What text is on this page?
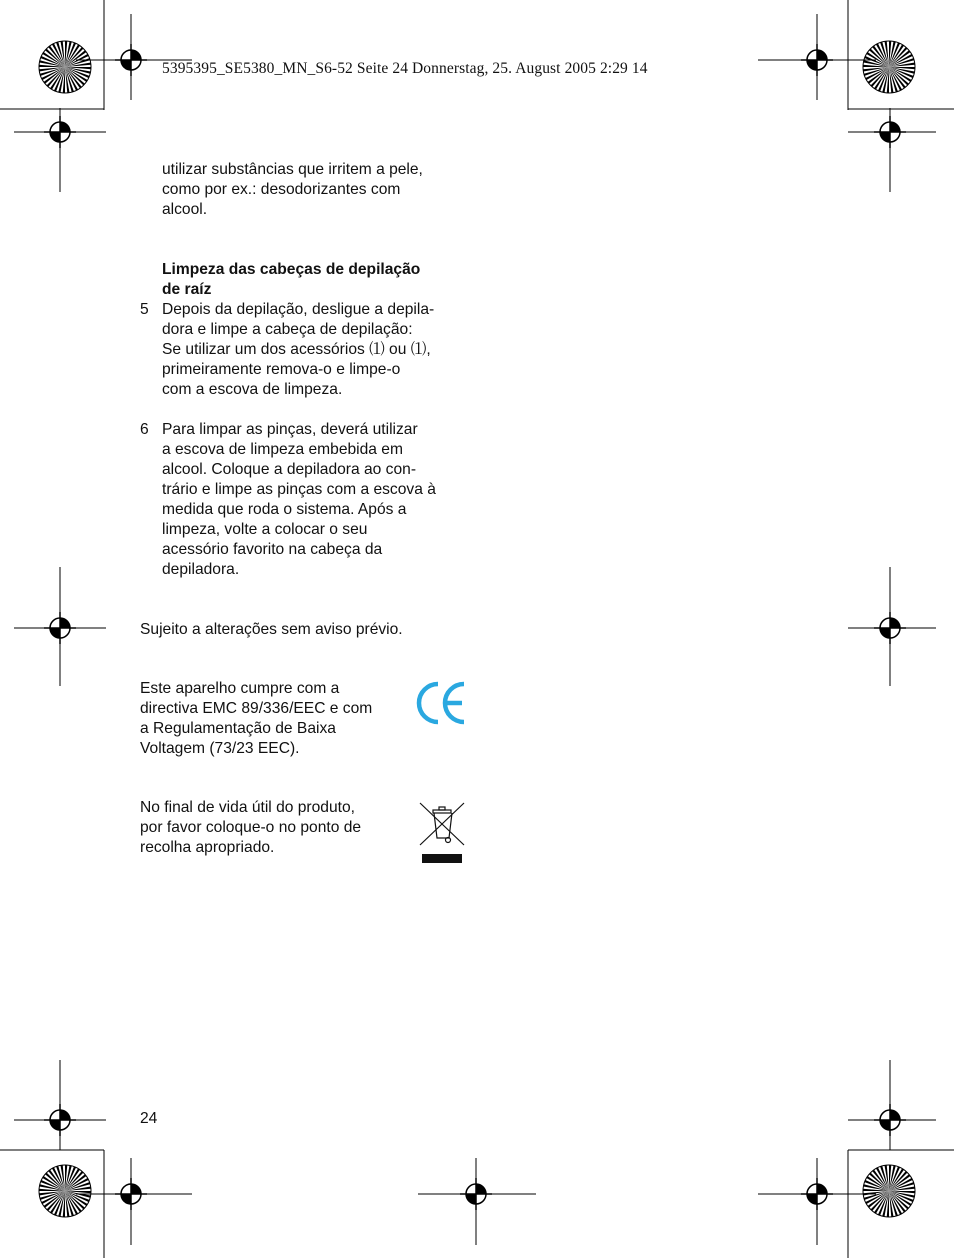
5395395_SE5380_MN_S6-52 Seite 24 Donnerstag, 25. August 2005 2:29 14
utilizar substâncias que irritem a pele,
como por ex.: desodorizantes com
alcool.
Limpeza das cabeças de depilação
de raíz
5 Depois da depilação, desligue a depila-
dora e limpe a cabeça de depilação:
Se utilizar um dos acessórios ⑴ ou ⑴,
primeiramente remova-o e limpe-o
com a escova de limpeza.
6 Para limpar as pinças, deverá utilizar
a escova de limpeza embebida em
alcool. Coloque a depiladora ao con-
trário e limpe as pinças com a escova à
medida que roda o sistema. Após a
limpeza, volte a colocar o seu
acessório favorito na cabeça da
depiladora.
Sujeito a alterações sem aviso prévio.
Este aparelho cumpre com a
directiva EMC 89/336/EEC e com
a Regulamentação de Baixa
Voltagem (73/23 EEC).
No final de vida útil do produto,
por favor coloque-o no ponto de
recolha apropriado.
24
